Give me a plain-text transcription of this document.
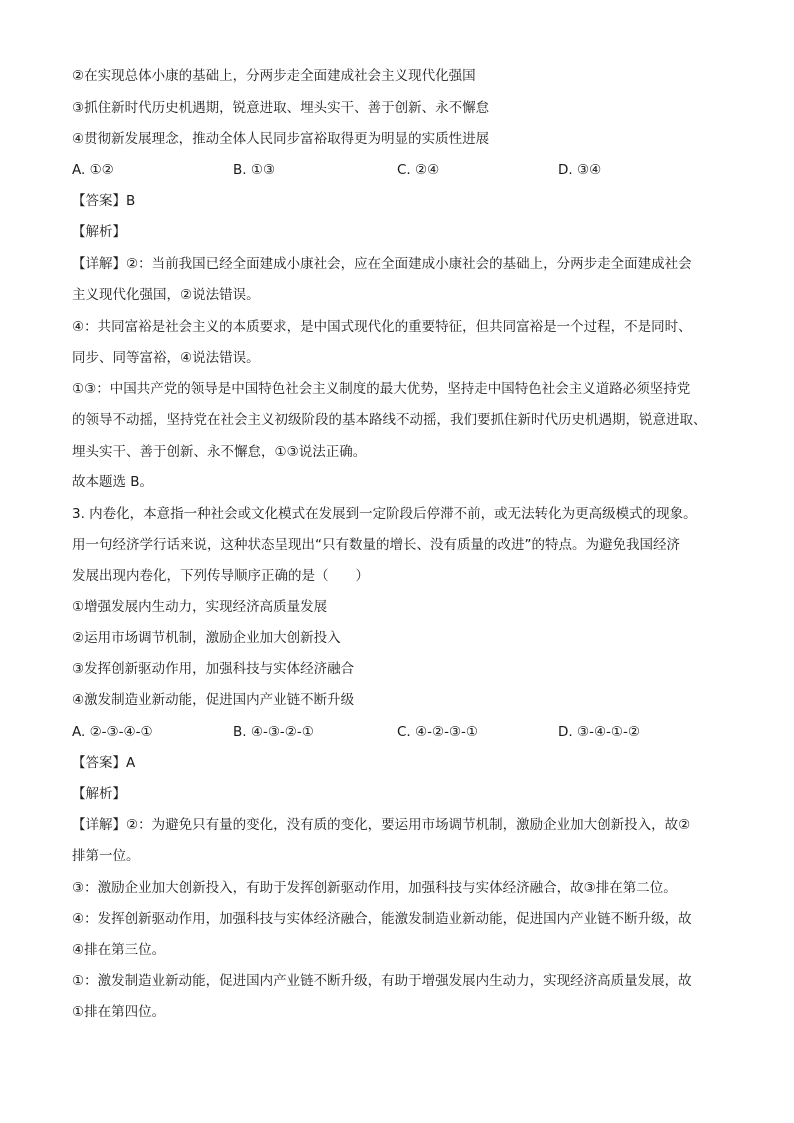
②在实现总体小康的基础上，分两步走全面建成社会主义现代化强国
③抓住新时代历史机遇期，锐意进取、埋头实干、善于创新、永不懈怠
④贯彻新发展理念，推动全体人民同步富裕取得更为明显的实质性进展
A. ①②	B. ①③	C. ②④	D. ③④
【答案】B
【解析】
【详解】②：当前我国已经全面建成小康社会，应在全面建成小康社会的基础上，分两步走全面建成社会
主义现代化强国，②说法错误。
④：共同富裕是社会主义的本质要求，是中国式现代化的重要特征，但共同富裕是一个过程，不是同时、
同步、同等富裕，④说法错误。
①③：中国共产党的领导是中国特色社会主义制度的最大优势，坚持走中国特色社会主义道路必须坚持党
的领导不动摇，坚持党在社会主义初级阶段的基本路线不动摇，我们要抓住新时代历史机遇期，锐意进取、
埋头实干、善于创新、永不懈怠，①③说法正确。
故本题选 B。
3. 内卷化，本意指一种社会或文化模式在发展到一定阶段后停滞不前，或无法转化为更高级模式的现象。
用一句经济学行话来说，这种状态呈现出“只有数量的增长、没有质量的改进”的特点。为避免我国经济
发展出现内卷化，下列传导顺序正确的是（　　）
①增强发展内生动力，实现经济高质量发展
②运用市场调节机制，激励企业加大创新投入
③发挥创新驱动作用，加强科技与实体经济融合
④激发制造业新动能，促进国内产业链不断升级
A. ②-③-④-①	B. ④-③-②-①	C. ④-②-③-①	D. ③-④-①-②
【答案】A
【解析】
【详解】②：为避免只有量的变化，没有质的变化，要运用市场调节机制，激励企业加大创新投入，故②
排第一位。
③：激励企业加大创新投入，有助于发挥创新驱动作用，加强科技与实体经济融合，故③排在第二位。
④：发挥创新驱动作用，加强科技与实体经济融合，能激发制造业新动能，促进国内产业链不断升级，故
④排在第三位。
①：激发制造业新动能，促进国内产业链不断升级，有助于增强发展内生动力，实现经济高质量发展，故
①排在第四位。
